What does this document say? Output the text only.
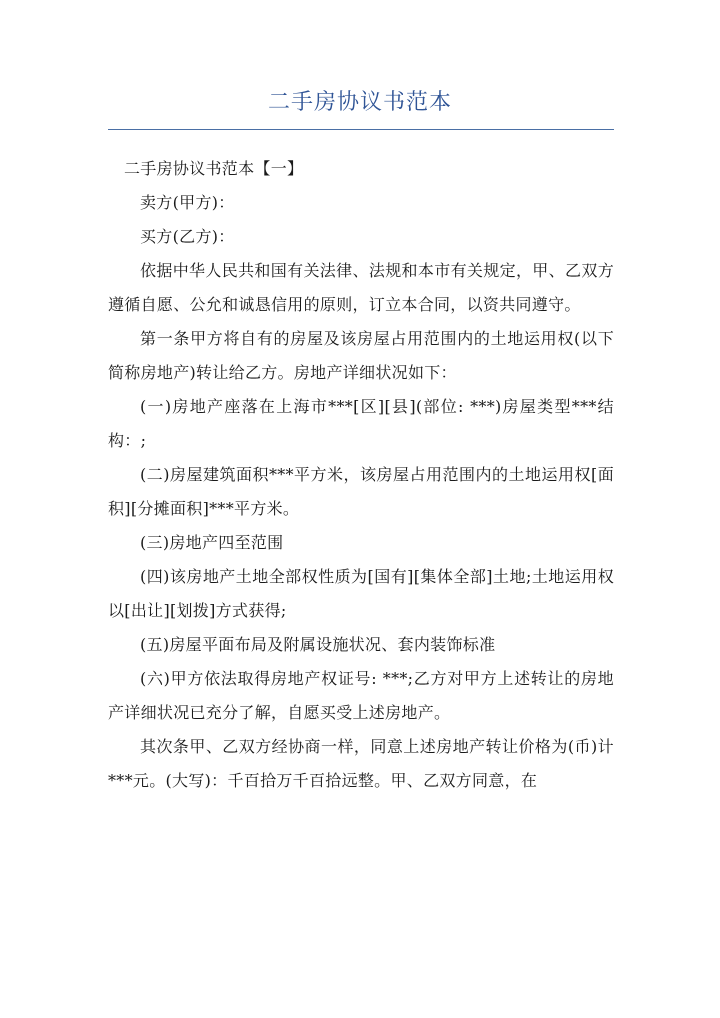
二手房协议书范本

二手房协议书范本【一】

卖方(甲方)：

买方(乙方)：

依据中华人民共和国有关法律、法规和本市有关规定，甲、乙双方遵循自愿、公允和诚恳信用的原则，订立本合同，以资共同遵守。

第一条甲方将自有的房屋及该房屋占用范围内的土地运用权(以下简称房地产)转让给乙方。房地产详细状况如下：

(一)房地产座落在上海市***[区][县](部位: ***)房屋类型***结构：;

(二)房屋建筑面积***平方米，该房屋占用范围内的土地运用权[面积][分摊面积]***平方米。

(三)房地产四至范围

(四)该房地产土地全部权性质为[国有][集体全部]土地;土地运用权以[出让][划拨]方式获得;

(五)房屋平面布局及附属设施状况、套内装饰标准

(六)甲方依法取得房地产权证号: ***;乙方对甲方上述转让的房地产详细状况已充分了解，自愿买受上述房地产。

其次条甲、乙双方经协商一样，同意上述房地产转让价格为(币)计***元。(大写)：千百拾万千百拾远整。甲、乙双方同意，在
